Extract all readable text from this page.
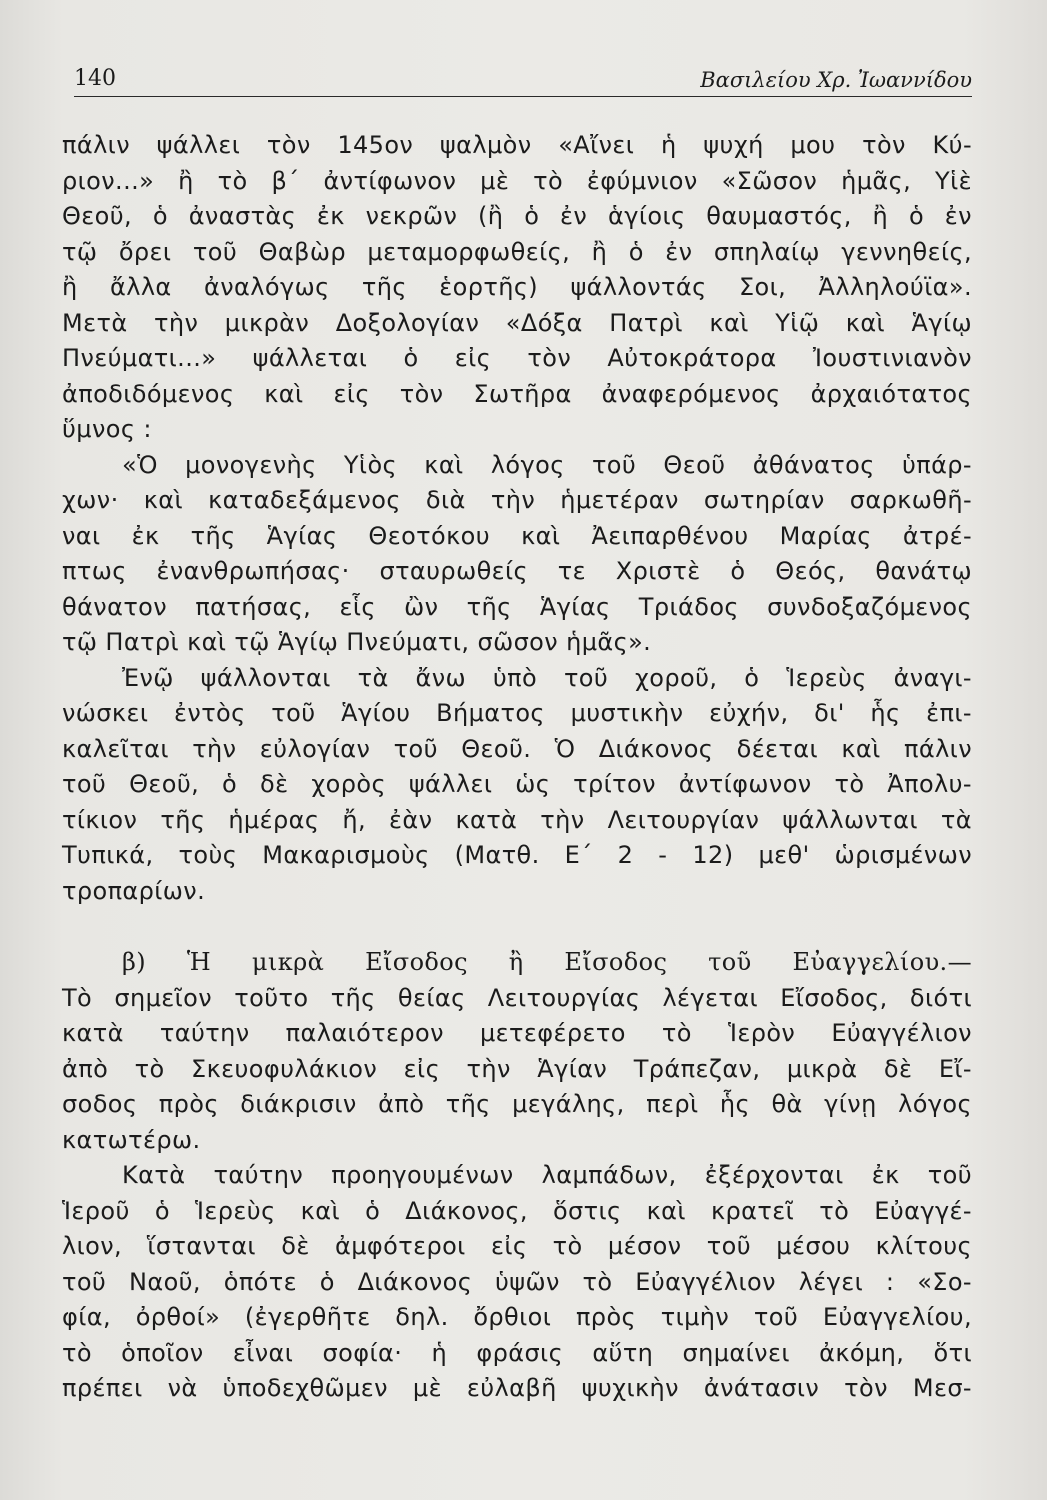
140	Βασιλείου Χρ. Ἰωαννίδου
πάλιν ψάλλει τὸν 145ον ψαλμὸν «Αἴνει ἡ ψυχή μου τὸν Κύ-
ριον...» ἢ τὸ β΄ ἀντίφωνον μὲ τὸ ἐφύμνιον «Σῶσον ἡμᾶς, Υἱὲ
Θεοῦ, ὁ ἀναστὰς ἐκ νεκρῶν (ἢ ὁ ἐν ἁγίοις θαυμαστός, ἢ ὁ ἐν
τῷ ὄρει τοῦ Θαβὼρ μεταμορφωθείς, ἢ ὁ ἐν σπηλαίῳ γεννηθείς,
ἢ ἄλλα ἀναλόγως τῆς ἑορτῆς) ψάλλοντάς Σοι, Ἀλληλούϊα».
Μετὰ τὴν μικρὰν Δοξολογίαν «Δόξα Πατρὶ καὶ Υἱῷ καὶ Ἁγίῳ
Πνεύματι...» ψάλλεται ὁ εἰς τὸν Αὐτοκράτορα Ἰουστινιανὸν
ἀποδιδόμενος καὶ εἰς τὸν Σωτῆρα ἀναφερόμενος ἀρχαιότατος
ὕμνος :
«Ὁ μονογενὴς Υἱὸς καὶ λόγος τοῦ Θεοῦ ἀθάνατος ὑπάρ-
χων· καὶ καταδεξάμενος διὰ τὴν ἡμετέραν σωτηρίαν σαρκωθῆ-
ναι ἐκ τῆς Ἁγίας Θεοτόκου καὶ Ἀειπαρθένου Μαρίας ἀτρέ-
πτως ἐνανθρωπήσας· σταυρωθείς τε Χριστὲ ὁ Θεός, θανάτῳ
θάνατον πατήσας, εἷς ὢν τῆς Ἁγίας Τριάδος συνδοξαζόμενος
τῷ Πατρὶ καὶ τῷ Ἁγίῳ Πνεύματι, σῶσον ἡμᾶς».
Ἐνῷ ψάλλονται τὰ ἄνω ὑπὸ τοῦ χοροῦ, ὁ Ἱερεὺς ἀναγι-
νώσκει ἐντὸς τοῦ Ἁγίου Βήματος μυστικὴν εὐχήν, δι' ἧς ἐπι-
καλεῖται τὴν εὐλογίαν τοῦ Θεοῦ. Ὁ Διάκονος δέεται καὶ πάλιν
τοῦ Θεοῦ, ὁ δὲ χορὸς ψάλλει ὡς τρίτον ἀντίφωνον τὸ Ἀπολυ-
τίκιον τῆς ἡμέρας ἤ, ἐὰν κατὰ τὴν Λειτουργίαν ψάλλωνται τὰ
Τυπικά, τοὺς Μακαρισμοὺς (Ματθ. Ε΄ 2 - 12) μεθ' ὡρισμένων
τροπαρίων.
β) Ἡ μικρὰ Εἴσοδος ἢ Εἴσοδος τοῦ Εὐαγγελίου.—
Τὸ σημεῖον τοῦτο τῆς θείας Λειτουργίας λέγεται Εἴσοδος, διότι
κατὰ ταύτην παλαιότερον μετεφέρετο τὸ Ἱερὸν Εὐαγγέλιον
ἀπὸ τὸ Σκευοφυλάκιον εἰς τὴν Ἁγίαν Τράπεζαν, μικρὰ δὲ Εἴ-
σοδος πρὸς διάκρισιν ἀπὸ τῆς μεγάλης, περὶ ἧς θὰ γίνῃ λόγος
κατωτέρω.
Κατὰ ταύτην προηγουμένων λαμπάδων, ἐξέρχονται ἐκ τοῦ
Ἱεροῦ ὁ Ἱερεὺς καὶ ὁ Διάκονος, ὅστις καὶ κρατεῖ τὸ Εὐαγγέ-
λιον, ἵστανται δὲ ἀμφότεροι εἰς τὸ μέσον τοῦ μέσου κλίτους
τοῦ Ναοῦ, ὁπότε ὁ Διάκονος ὑψῶν τὸ Εὐαγγέλιον λέγει : «Σο-
φία, ὀρθοί» (ἐγερθῆτε δηλ. ὄρθιοι πρὸς τιμὴν τοῦ Εὐαγγελίου,
τὸ ὁποῖον εἶναι σοφία· ἡ φράσις αὕτη σημαίνει ἀκόμη, ὅτι
πρέπει νὰ ὑποδεχθῶμεν μὲ εὐλαβῆ ψυχικὴν ἀνάτασιν τὸν Μεσ-
